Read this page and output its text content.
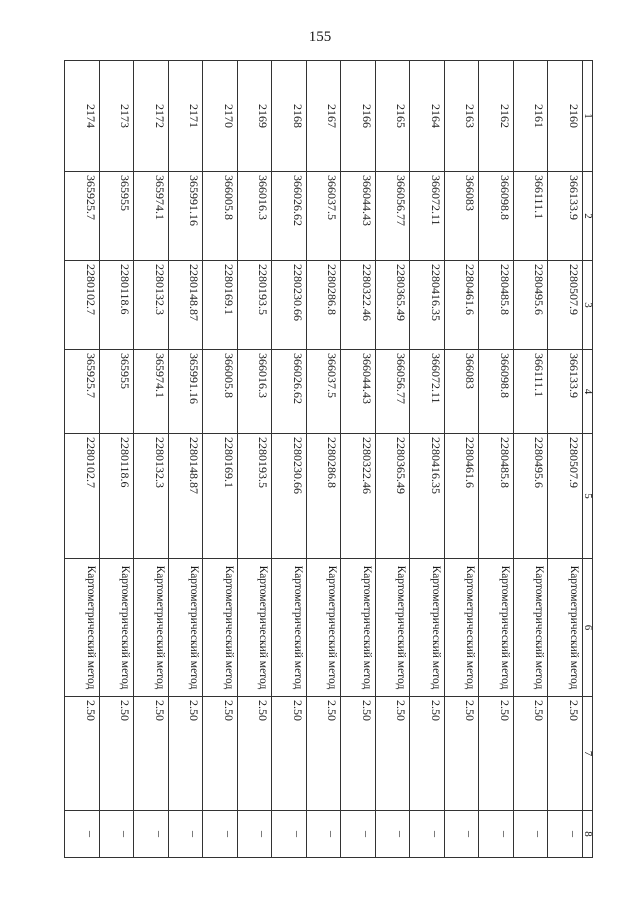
155
1	2	3	4	5	6	7	8
2160	366133.9	2280507.9	366133.9	2280507.9	Картометрический метод	2.50	–
2161	366111.1	2280495.6	366111.1	2280495.6	Картометрический метод	2.50	–
2162	366098.8	2280485.8	366098.8	2280485.8	Картометрический метод	2.50	–
2163	366083	2280461.6	366083	2280461.6	Картометрический метод	2.50	–
2164	366072.11	2280416.35	366072.11	2280416.35	Картометрический метод	2.50	–
2165	366056.77	2280365.49	366056.77	2280365.49	Картометрический метод	2.50	–
2166	366044.43	2280322.46	366044.43	2280322.46	Картометрический метод	2.50	–
2167	366037.5	2280286.8	366037.5	2280286.8	Картометрический метод	2.50	–
2168	366026.62	2280230.66	366026.62	2280230.66	Картометрический метод	2.50	–
2169	366016.3	2280193.5	366016.3	2280193.5	Картометрический метод	2.50	–
2170	366005.8	2280169.1	366005.8	2280169.1	Картометрический метод	2.50	–
2171	365991.16	2280148.87	365991.16	2280148.87	Картометрический метод	2.50	–
2172	365974.1	2280132.3	365974.1	2280132.3	Картометрический метод	2.50	–
2173	365955	2280118.6	365955	2280118.6	Картометрический метод	2.50	–
2174	365925.7	2280102.7	365925.7	2280102.7	Картометрический метод	2.50	–
